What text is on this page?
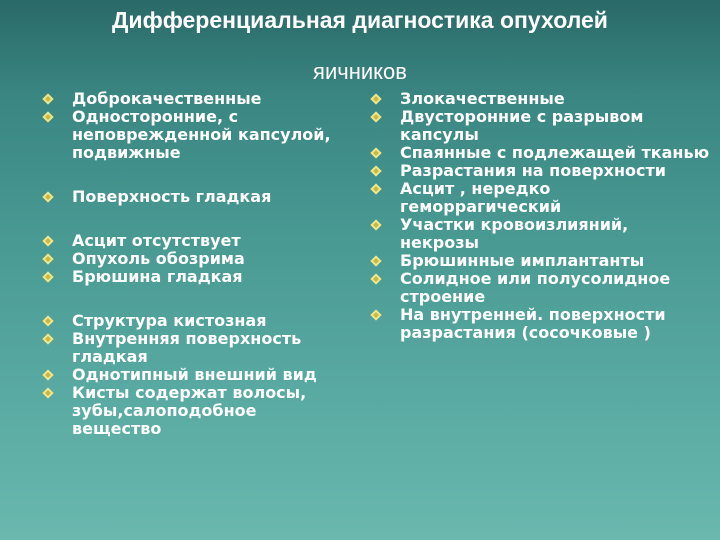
Дифференциальная диагностика опухолей
яичников
Доброкачественные
Односторонние, с неповрежденной капсулой, подвижные
Поверхность гладкая
Асцит отсутствует
Опухоль обозрима
Брюшина гладкая
Структура кистозная
Внутренняя поверхность гладкая
Однотипный внешний вид
Кисты содержат волосы, зубы,салоподобное вещество
Злокачественные
Двусторонние с разрывом капсулы
Спаянные с подлежащей тканью
Разрастания на поверхности
Асцит , нередко геморрагический
Участки кровоизлияний, некрозы
Брюшинные имплантанты
Солидное или полусолидное строение
На внутренней. поверхности разрастания (сосочковые )
